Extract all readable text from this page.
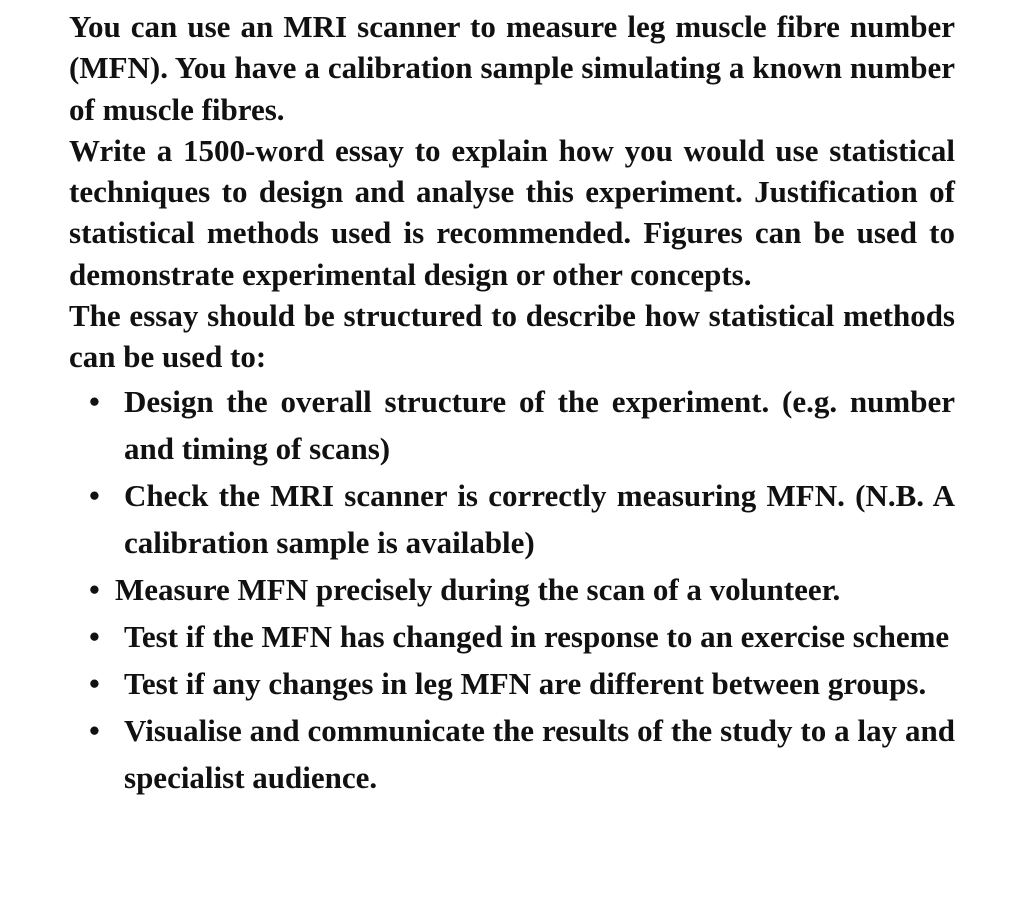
You can use an MRI scanner to measure leg muscle fibre number (MFN). You have a calibration sample simulating a known number of muscle fibres.

Write a 1500-word essay to explain how you would use statistical techniques to design and analyse this experiment. Justification of statistical methods used is recommended. Figures can be used to demonstrate experimental design or other concepts.

The essay should be structured to describe how statistical methods can be used to:

• Design the overall structure of the experiment. (e.g. number and timing of scans)
• Check the MRI scanner is correctly measuring MFN. (N.B. A calibration sample is available)
• Measure MFN precisely during the scan of a volunteer.
• Test if the MFN has changed in response to an exercise scheme
• Test if any changes in leg MFN are different between groups.
• Visualise and communicate the results of the study to a lay and specialist audience.
